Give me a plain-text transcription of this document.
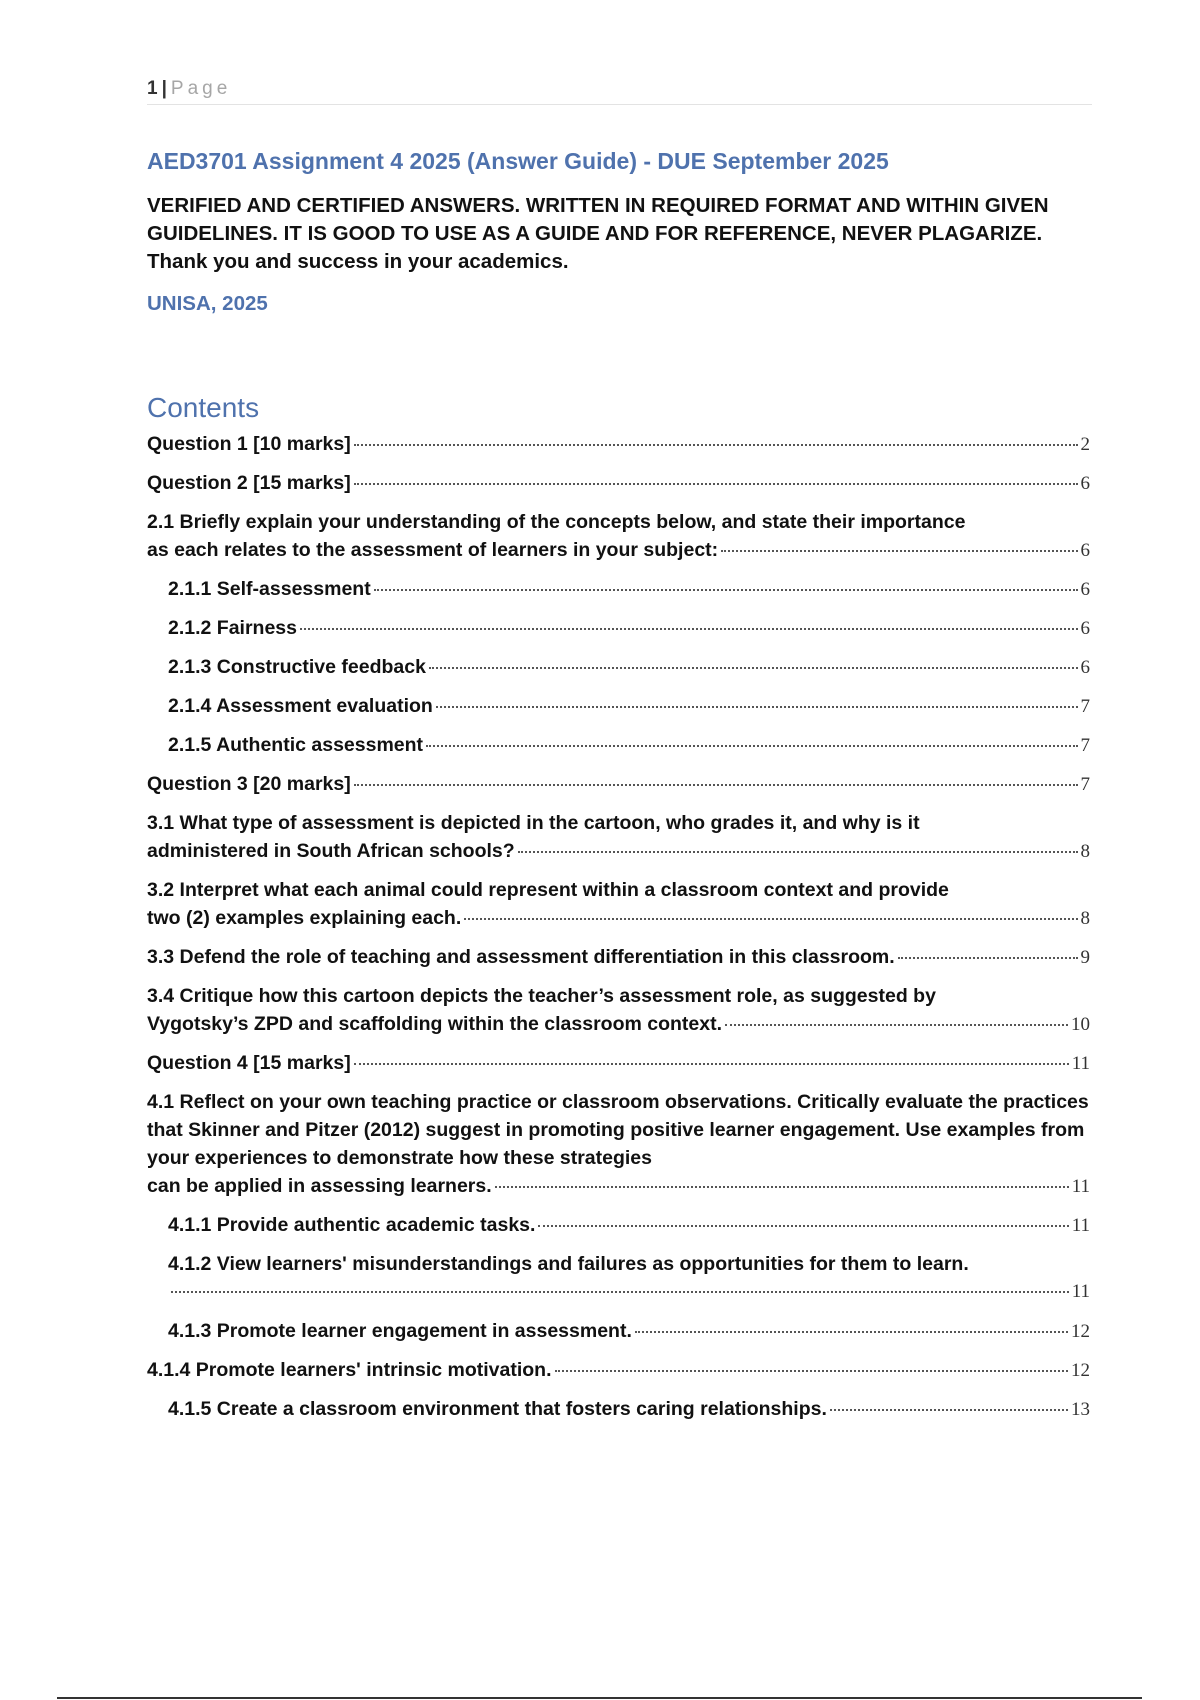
1 | Page
AED3701 Assignment 4 2025 (Answer Guide) - DUE September 2025

VERIFIED AND CERTIFIED ANSWERS. WRITTEN IN REQUIRED FORMAT AND WITHIN GIVEN GUIDELINES. IT IS GOOD TO USE AS A GUIDE AND FOR REFERENCE, NEVER PLAGARIZE. Thank you and success in your academics.

UNISA, 2025

Contents
Question 1 [10 marks]	2
Question 2 [15 marks]	6
2.1 Briefly explain your understanding of the concepts below, and state their importance
as each relates to the assessment of learners in your subject:	6
2.1.1 Self-assessment	6
2.1.2 Fairness	6
2.1.3 Constructive feedback	6
2.1.4 Assessment evaluation	7
2.1.5 Authentic assessment	7
Question 3 [20 marks]	7
3.1 What type of assessment is depicted in the cartoon, who grades it, and why is it
administered in South African schools?	8
3.2 Interpret what each animal could represent within a classroom context and provide
two (2) examples explaining each.	8
3.3 Defend the role of teaching and assessment differentiation in this classroom.	9
3.4 Critique how this cartoon depicts the teacher’s assessment role, as suggested by
Vygotsky’s ZPD and scaffolding within the classroom context.	10
Question 4 [15 marks]	11
4.1 Reflect on your own teaching practice or classroom observations. Critically evaluate the practices that Skinner and Pitzer (2012) suggest in promoting positive learner engagement. Use examples from your experiences to demonstrate how these strategies
can be applied in assessing learners.	11
4.1.1 Provide authentic academic tasks.	11
4.1.2 View learners' misunderstandings and failures as opportunities for them to learn.
11
4.1.3 Promote learner engagement in assessment.	12
4.1.4 Promote learners' intrinsic motivation.	12
4.1.5 Create a classroom environment that fosters caring relationships.	13
